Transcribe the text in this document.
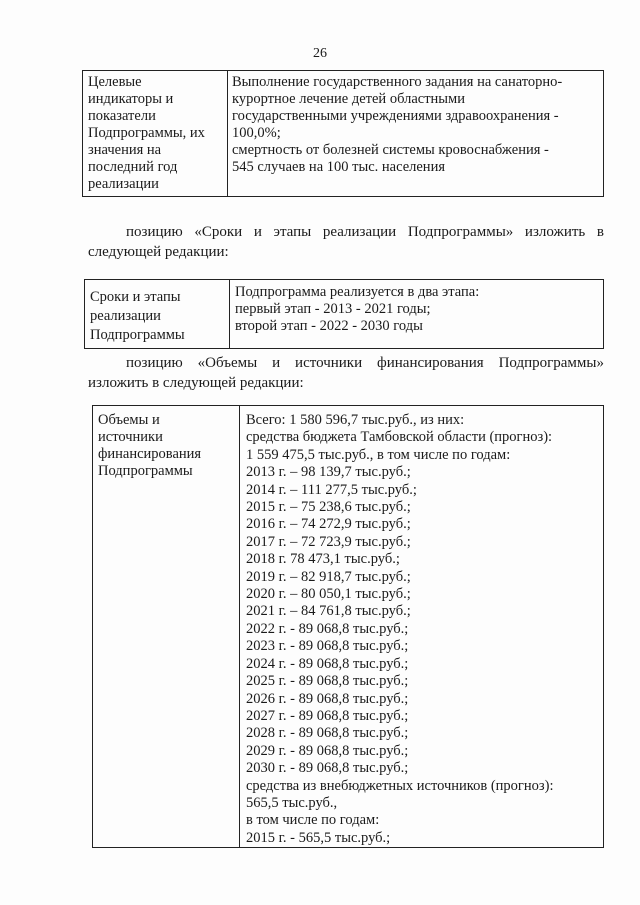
26
Целевые
индикаторы и
показатели
Подпрограммы, их
значения на
последний год
реализации

Выполнение государственного задания на санаторно-
курортное лечение детей областными
государственными учреждениями здравоохранения -
100,0%;
смертность от болезней системы кровоснабжения -
545 случаев на 100 тыс. населения
позицию «Сроки и этапы реализации Подпрограммы» изложить в
следующей редакции:
Сроки и этапы
реализации
Подпрограммы

Подпрограмма реализуется в два этапа:
первый этап - 2013 - 2021 годы;
второй этап - 2022 - 2030 годы
позицию «Объемы и источники финансирования Подпрограммы»
изложить в следующей редакции:
Объемы и
источники
финансирования
Подпрограммы

Всего: 1 580 596,7 тыс.руб., из них:
средства бюджета Тамбовской области (прогноз):
1 559 475,5 тыс.руб., в том числе по годам:
2013 г. – 98 139,7 тыс.руб.;
2014 г. – 111 277,5 тыс.руб.;
2015 г. – 75 238,6 тыс.руб.;
2016 г. – 74 272,9 тыс.руб.;
2017 г. – 72 723,9 тыс.руб.;
2018 г. 78 473,1 тыс.руб.;
2019 г. – 82 918,7 тыс.руб.;
2020 г. – 80 050,1 тыс.руб.;
2021 г. – 84 761,8 тыс.руб.;
2022 г. - 89 068,8 тыс.руб.;
2023 г. - 89 068,8 тыс.руб.;
2024 г. - 89 068,8 тыс.руб.;
2025 г. - 89 068,8 тыс.руб.;
2026 г. - 89 068,8 тыс.руб.;
2027 г. - 89 068,8 тыс.руб.;
2028 г. - 89 068,8 тыс.руб.;
2029 г. - 89 068,8 тыс.руб.;
2030 г. - 89 068,8 тыс.руб.;
средства из внебюджетных источников (прогноз):
565,5 тыс.руб.,
в том числе по годам:
2015 г. - 565,5 тыс.руб.;
